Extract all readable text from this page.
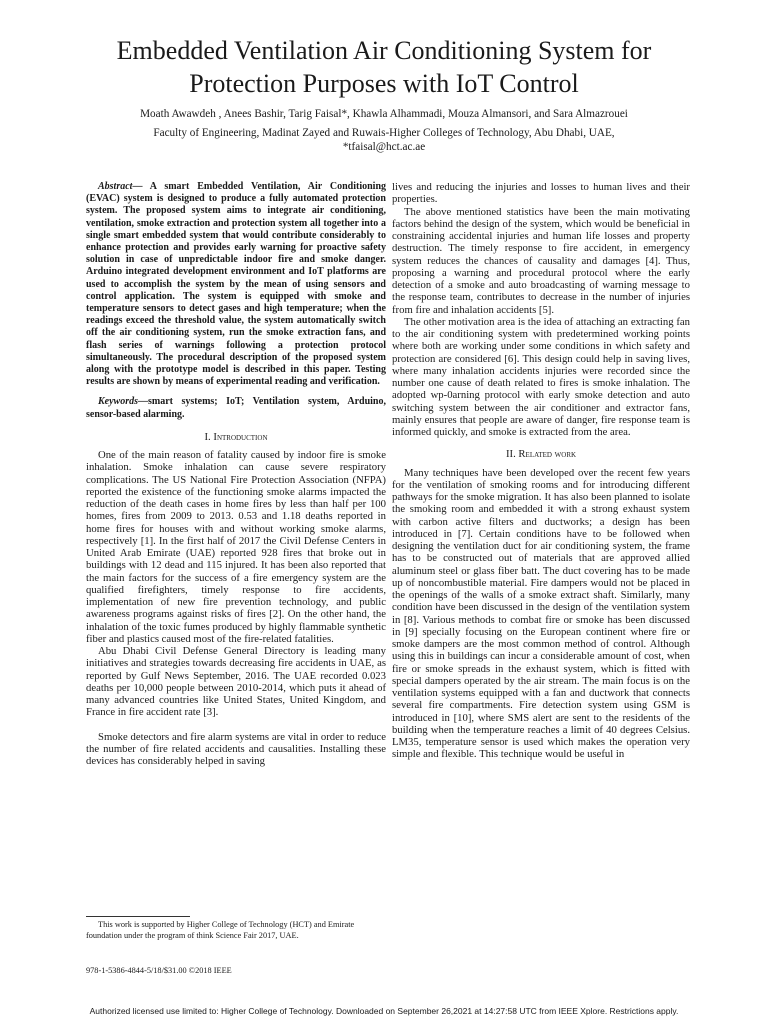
Embedded Ventilation Air Conditioning System for
Protection Purposes with IoT Control
Moath Awawdeh , Anees Bashir, Tarig Faisal*, Khawla Alhammadi, Mouza Almansori, and Sara Almazrouei
Faculty of Engineering, Madinat Zayed and Ruwais-Higher Colleges of Technology, Abu Dhabi, UAE,
*tfaisal@hct.ac.ae

Abstract— A smart Embedded Ventilation, Air Conditioning (EVAC) system is designed to produce a fully automated protection system. The proposed system aims to integrate air conditioning, ventilation, smoke extraction and protection system all together into a single smart embedded system that would contribute considerably to enhance protection and provides early warning for proactive safety solution in case of unpredictable indoor fire and smoke danger. Arduino integrated development environment and IoT platforms are used to accomplish the system by the mean of using sensors and control application. The system is equipped with smoke and temperature sensors to detect gases and high temperature; when the readings exceed the threshold value, the system automatically switch off the air conditioning system, run the smoke extraction fans, and flash series of warnings following a protection protocol simultaneously. The procedural description of the proposed system along with the prototype model is described in this paper. Testing results are shown by means of experimental reading and verification.

Keywords—smart systems; IoT; Ventilation system, Arduino, sensor-based alarming.

I. Introduction

One of the main reason of fatality caused by indoor fire is smoke inhalation. Smoke inhalation can cause severe respiratory complications. The US National Fire Protection Association (NFPA) reported the existence of the functioning smoke alarms impacted the reduction of the death cases in home fires by less than half per 100 homes, fires from 2009 to 2013. 0.53 and 1.18 deaths reported in home fires for houses with and without working smoke alarms, respectively [1]. In the first half of 2017 the Civil Defense Centers in United Arab Emirate (UAE) reported 928 fires that broke out in buildings with 12 dead and 115 injured. It has been also reported that the main factors for the success of a fire emergency system are the qualified firefighters, timely response to fire accidents, implementation of new fire prevention technology, and public awareness programs against risks of fires [2]. On the other hand, the inhalation of the toxic fumes produced by highly flammable synthetic fiber and plastics caused most of the fire-related fatalities.

Abu Dhabi Civil Defense General Directory is leading many initiatives and strategies towards decreasing fire accidents in UAE, as reported by Gulf News September, 2016. The UAE recorded 0.023 deaths per 10,000 people between 2010-2014, which puts it ahead of many advanced countries like United States, United Kingdom, and France in fire accident rate [3].

Smoke detectors and fire alarm systems are vital in order to reduce the number of fire related accidents and causalities. Installing these devices has considerably helped in saving

lives and reducing the injuries and losses to human lives and their properties.

The above mentioned statistics have been the main motivating factors behind the design of the system, which would be beneficial in constraining accidental injuries and human life losses and property destruction. The timely response to fire accident, in emergency system reduces the chances of causality and damages [4]. Thus, proposing a warning and procedural protocol where the early detection of a smoke and auto broadcasting of warning message to the response team, contributes to decrease in the number of injuries from fire and inhalation accidents [5].

The other motivation area is the idea of attaching an extracting fan to the air conditioning system with predetermined working points where both are working under some conditions in which safety and protection are considered [6]. This design could help in saving lives, where many inhalation accidents injuries were recorded since the number one cause of death related to fires is smoke inhalation. The adopted wp-0arning protocol with early smoke detection and auto switching system between the air conditioner and extractor fans, mainly ensures that people are aware of danger, fire response team is informed quickly, and smoke is extracted from the area.

II. Related work

Many techniques have been developed over the recent few years for the ventilation of smoking rooms and for introducing different pathways for the smoke migration. It has also been planned to isolate the smoking room and embedded it with a strong exhaust system with carbon active filters and ductworks; a design has been introduced in [7]. Certain conditions have to be followed when designing the ventilation duct for air conditioning system, the frame has to be constructed out of materials that are approved allied aluminum steel or glass fiber batt. The duct covering has to be made up of noncombustible material. Fire dampers would not be placed in the openings of the walls of a smoke extract shaft. Similarly, many condition have been discussed in the design of the ventilation system in [8]. Various methods to combat fire or smoke has been discussed in [9] specially focusing on the European continent where fire or smoke dampers are the most common method of control. Although using this in buildings can incur a considerable amount of cost, when fire or smoke spreads in the exhaust system, which is fitted with special dampers operated by the air stream. The main focus is on the ventilation systems equipped with a fan and ductwork that connects several fire compartments. Fire detection system using GSM is introduced in [10], where SMS alert are sent to the residents of the building when the temperature reaches a limit of 40 degrees Celsius. LM35, temperature sensor is used which makes the operation very simple and flexible. This technique would be useful in

This work is supported by Higher College of Technology (HCT) and Emirate foundation under the program of think Science Fair 2017, UAE.

978-1-5386-4844-5/18/$31.00 ©2018 IEEE
Authorized licensed use limited to: Higher College of Technology. Downloaded on September 26,2021 at 14:27:58 UTC from IEEE Xplore. Restrictions apply.
